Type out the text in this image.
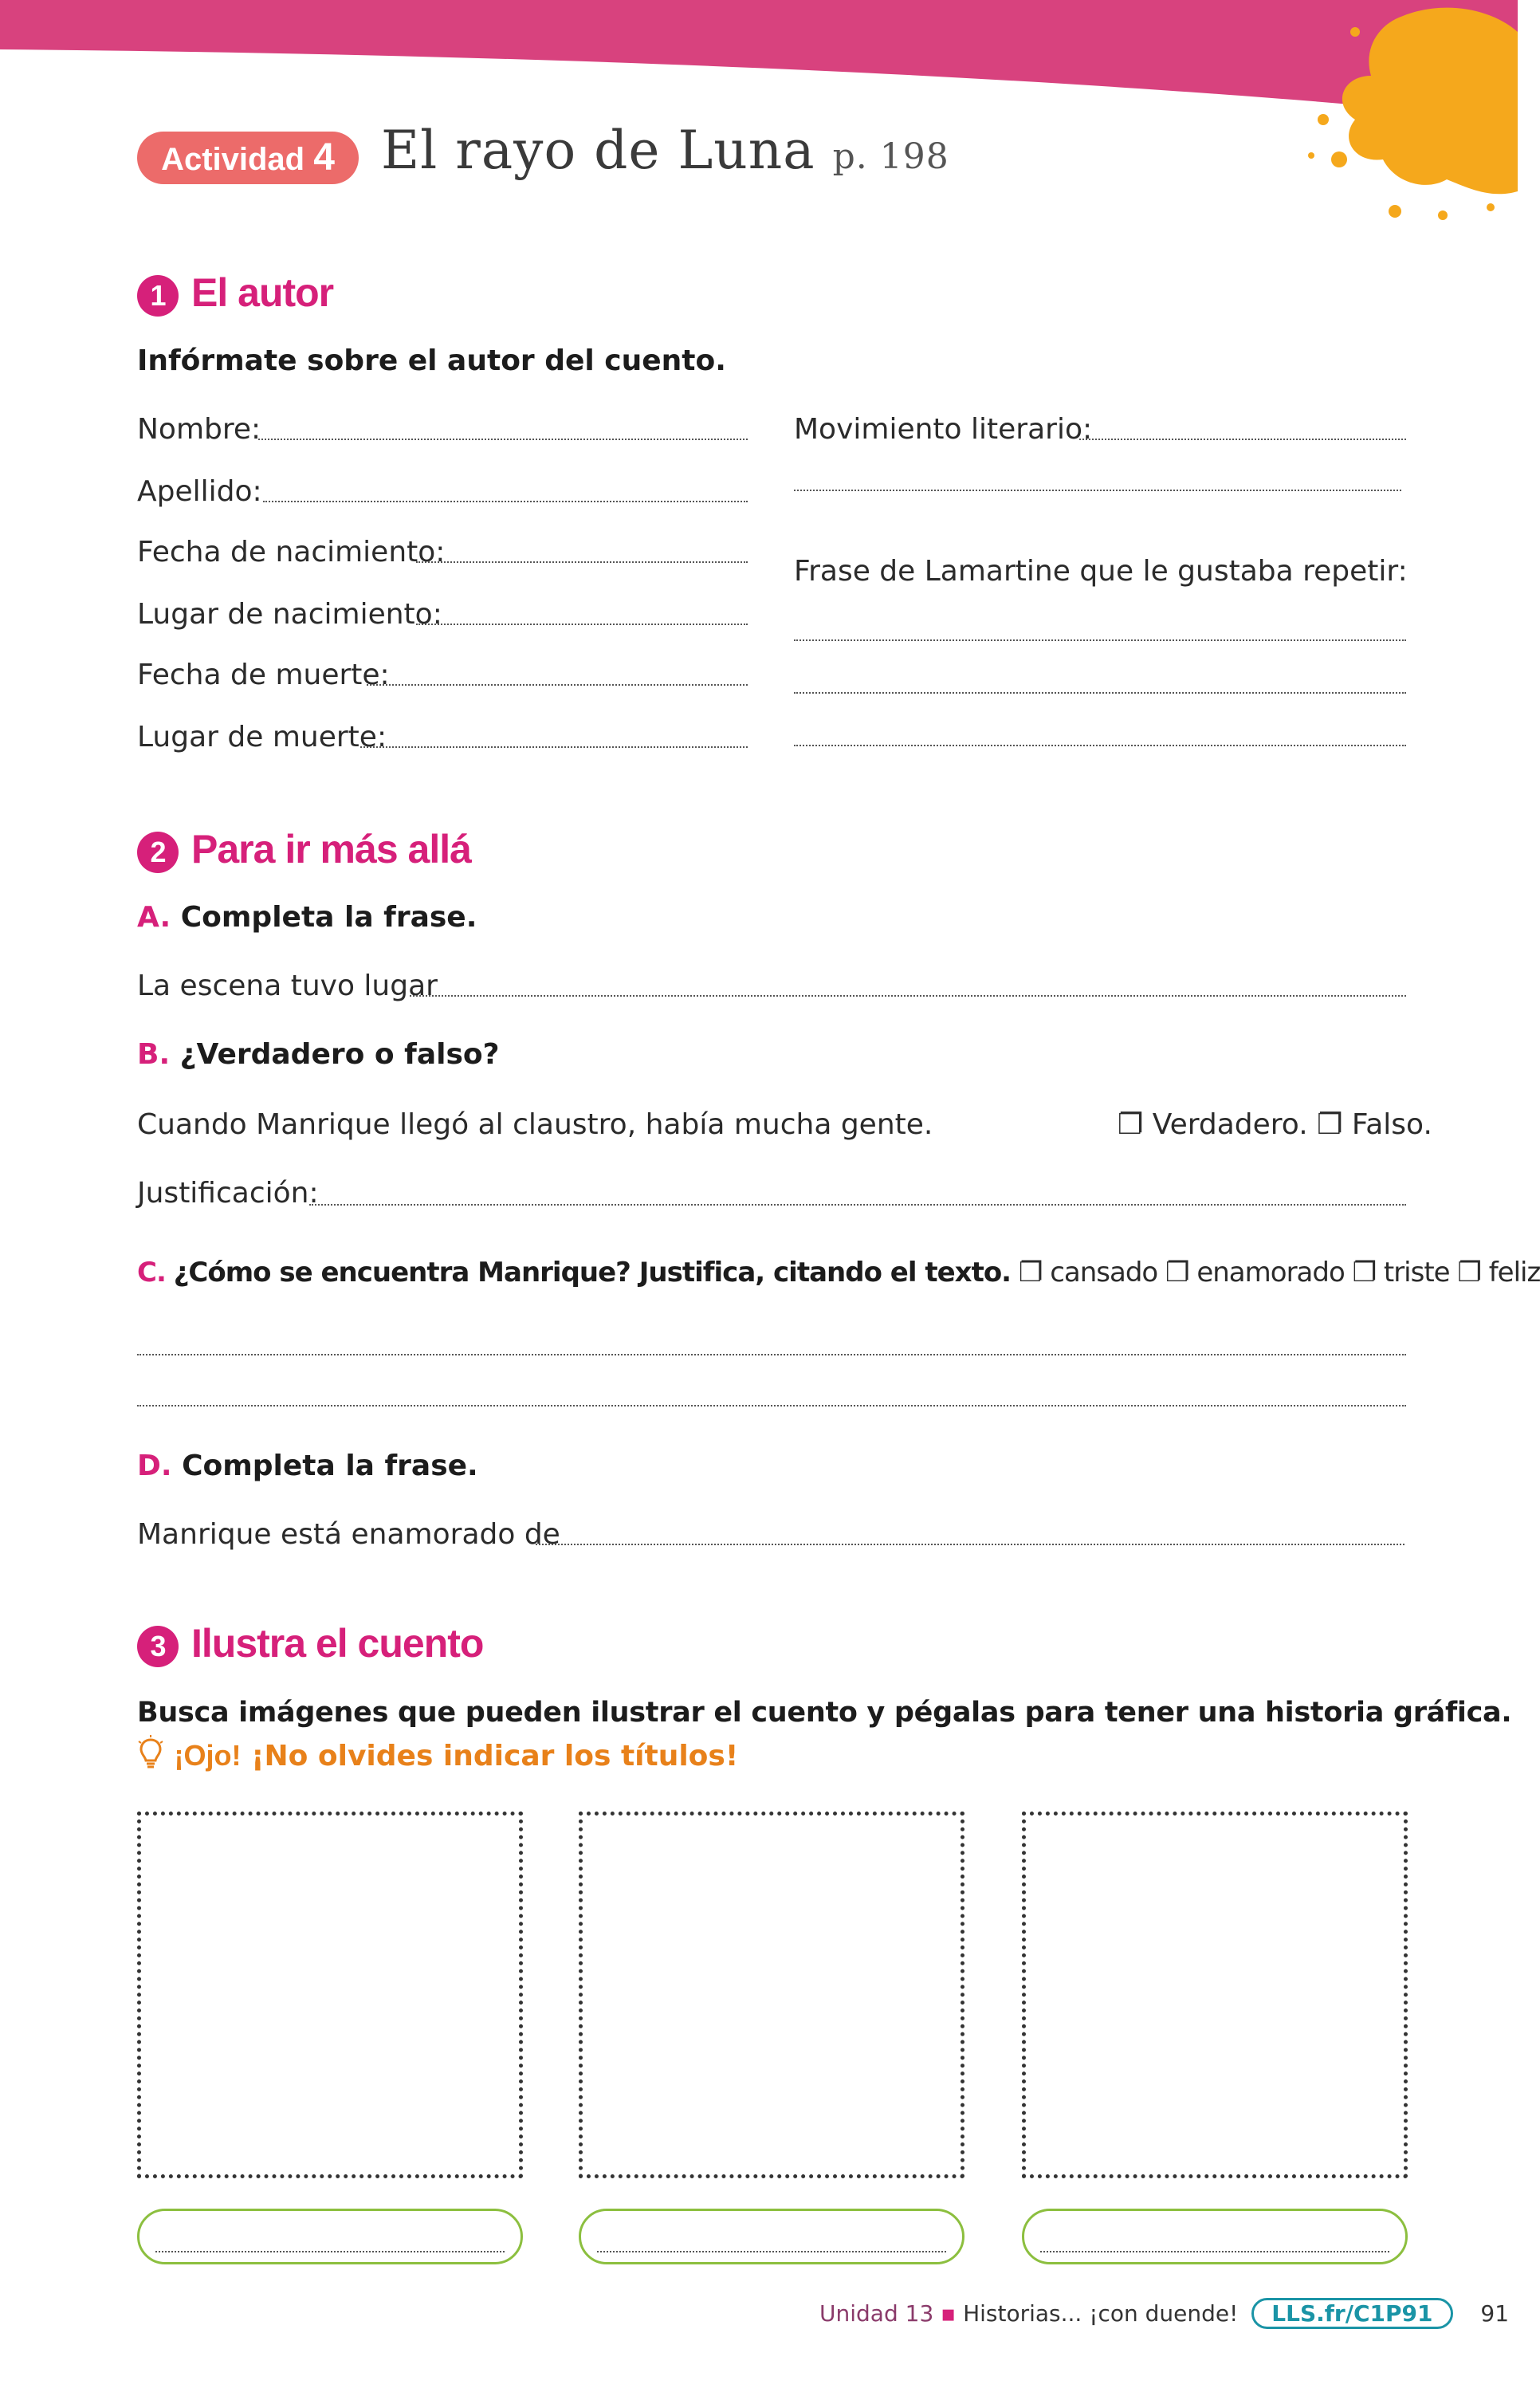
Actividad 4 El rayo de Luna p. 198
1 El autor
Infórmate sobre el autor del cuento.
Nombre:
Apellido:
Fecha de nacimiento:
Lugar de nacimiento:
Fecha de muerte:
Lugar de muerte:
Movimiento literario:
Frase de Lamartine que le gustaba repetir:
2 Para ir más allá
A. Completa la frase.
La escena tuvo lugar
B. ¿Verdadero o falso?
Cuando Manrique llegó al claustro, había mucha gente.	❐ Verdadero. ❐ Falso.
Justificación:
C. ¿Cómo se encuentra Manrique? Justifica, citando el texto. ❐ cansado ❐ enamorado ❐ triste ❐ feliz
D. Completa la frase.
Manrique está enamorado de
3 Ilustra el cuento
Busca imágenes que pueden ilustrar el cuento y pégalas para tener una historia gráfica.
¡Ojo! ¡No olvides indicar los títulos!
Unidad 13 ▪ Historias... ¡con duende! LLS.fr/C1P91 91
